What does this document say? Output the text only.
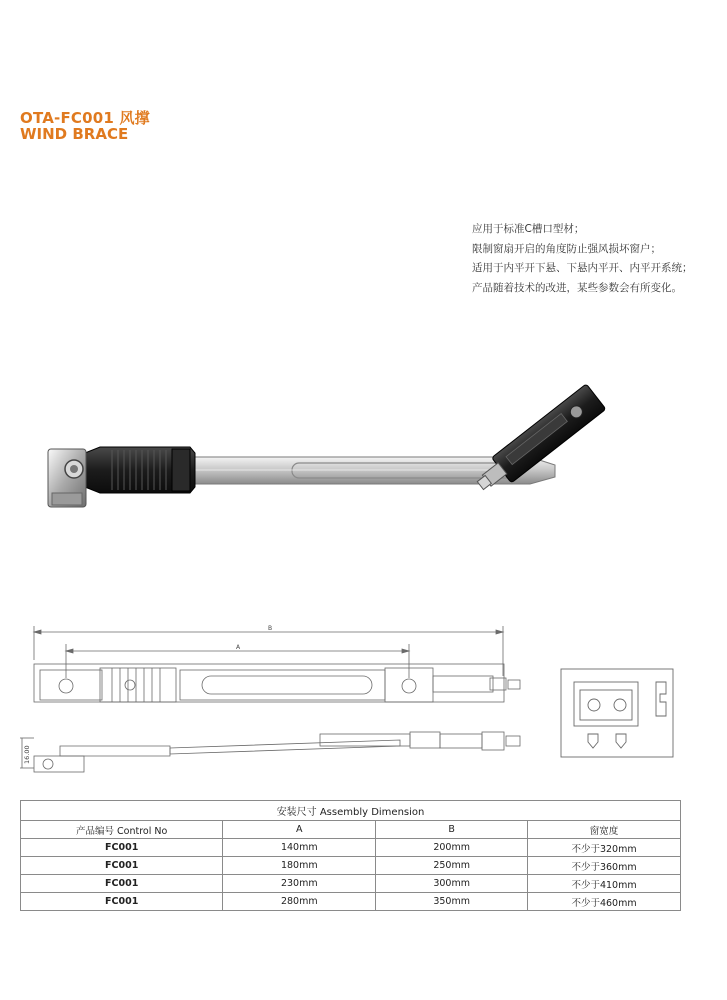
OTA-FC001 风撑
WIND BRACE
应用于标准C槽口型材；
限制窗扇开启的角度防止强风损坏窗户；
适用于内平开下悬、下悬内平开、内平开系统；
产品随着技术的改进，某些参数会有所变化。
B
A
16.00
安装尺寸 Assembly Dimension			
产品编号 Control No	A	B	窗宽度
FC001	140mm	200mm	不少于320mm
FC001	180mm	250mm	不少于360mm
FC001	230mm	300mm	不少于410mm
FC001	280mm	350mm	不少于460mm
